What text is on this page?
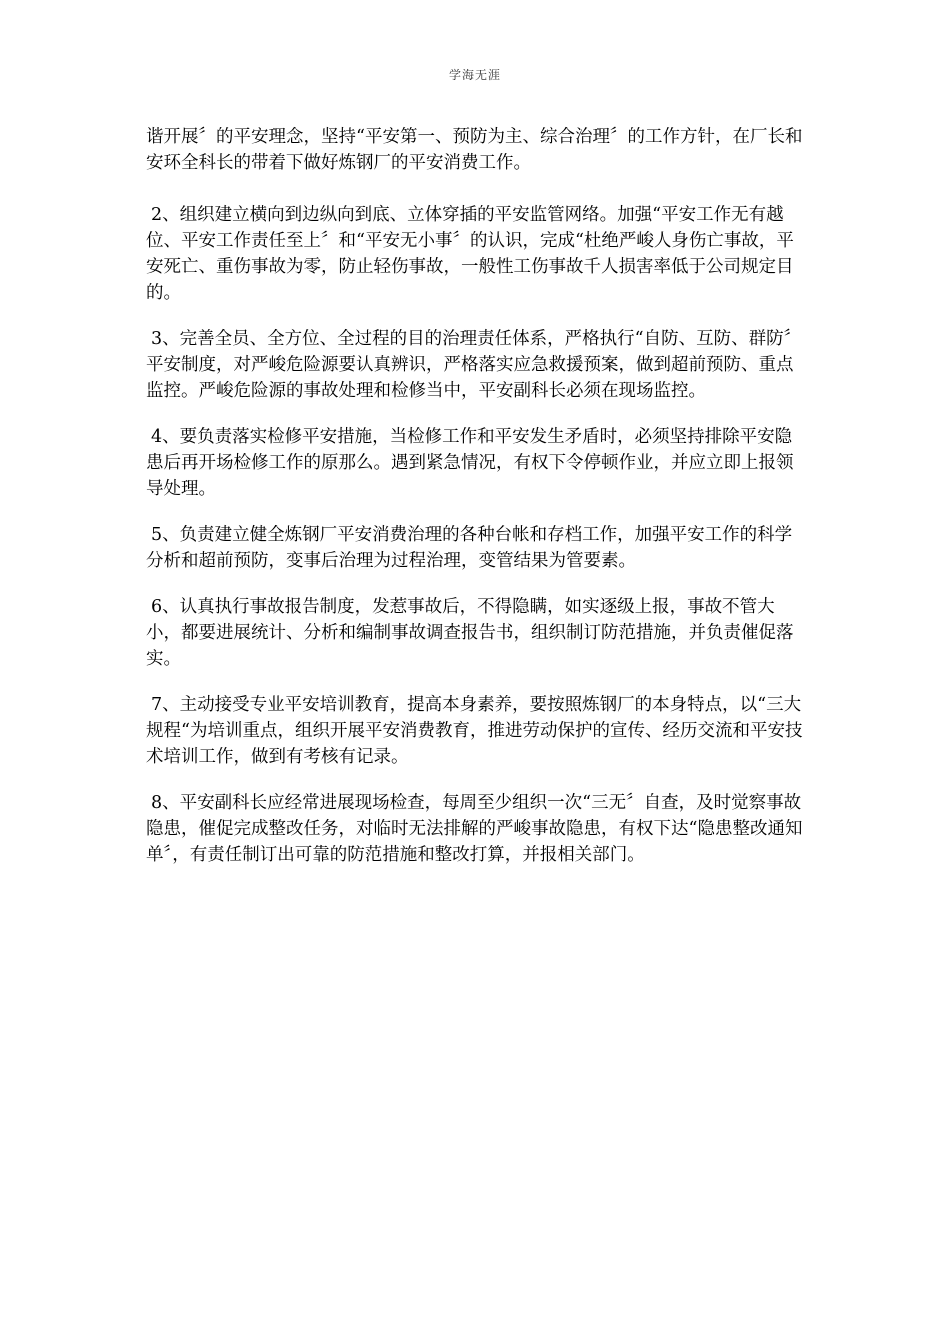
学海无涯

谐开展〞的平安理念，坚持“平安第一、预防为主、综合治理〞的工作方针，在厂长和安环全科长的带着下做好炼钢厂的平安消费工作。

2、组织建立横向到边纵向到底、立体穿插的平安监管网络。加强“平安工作无有越位、平安工作责任至上〞和“平安无小事〞的认识，完成“杜绝严峻人身伤亡事故，平安死亡、重伤事故为零，防止轻伤事故，一般性工伤事故千人损害率低于公司规定目的。

3、完善全员、全方位、全过程的目的治理责任体系，严格执行“自防、互防、群防〞平安制度，对严峻危险源要认真辨识，严格落实应急救援预案，做到超前预防、重点监控。严峻危险源的事故处理和检修当中，平安副科长必须在现场监控。

4、要负责落实检修平安措施，当检修工作和平安发生矛盾时，必须坚持排除平安隐患后再开场检修工作的原那么。遇到紧急情况，有权下令停顿作业，并应立即上报领导处理。

5、负责建立健全炼钢厂平安消费治理的各种台帐和存档工作，加强平安工作的科学分析和超前预防，变事后治理为过程治理，变管结果为管要素。

6、认真执行事故报告制度，发惹事故后，不得隐瞒，如实逐级上报，事故不管大小，都要进展统计、分析和编制事故调查报告书，组织制订防范措施，并负责催促落实。

7、主动接受专业平安培训教育，提高本身素养，要按照炼钢厂的本身特点，以“三大规程“为培训重点，组织开展平安消费教育，推进劳动保护的宣传、经历交流和平安技术培训工作，做到有考核有记录。

8、平安副科长应经常进展现场检查，每周至少组织一次“三无〞自查，及时觉察事故隐患，催促完成整改任务，对临时无法排解的严峻事故隐患，有权下达“隐患整改通知单〞，有责任制订出可靠的防范措施和整改打算，并报相关部门。
